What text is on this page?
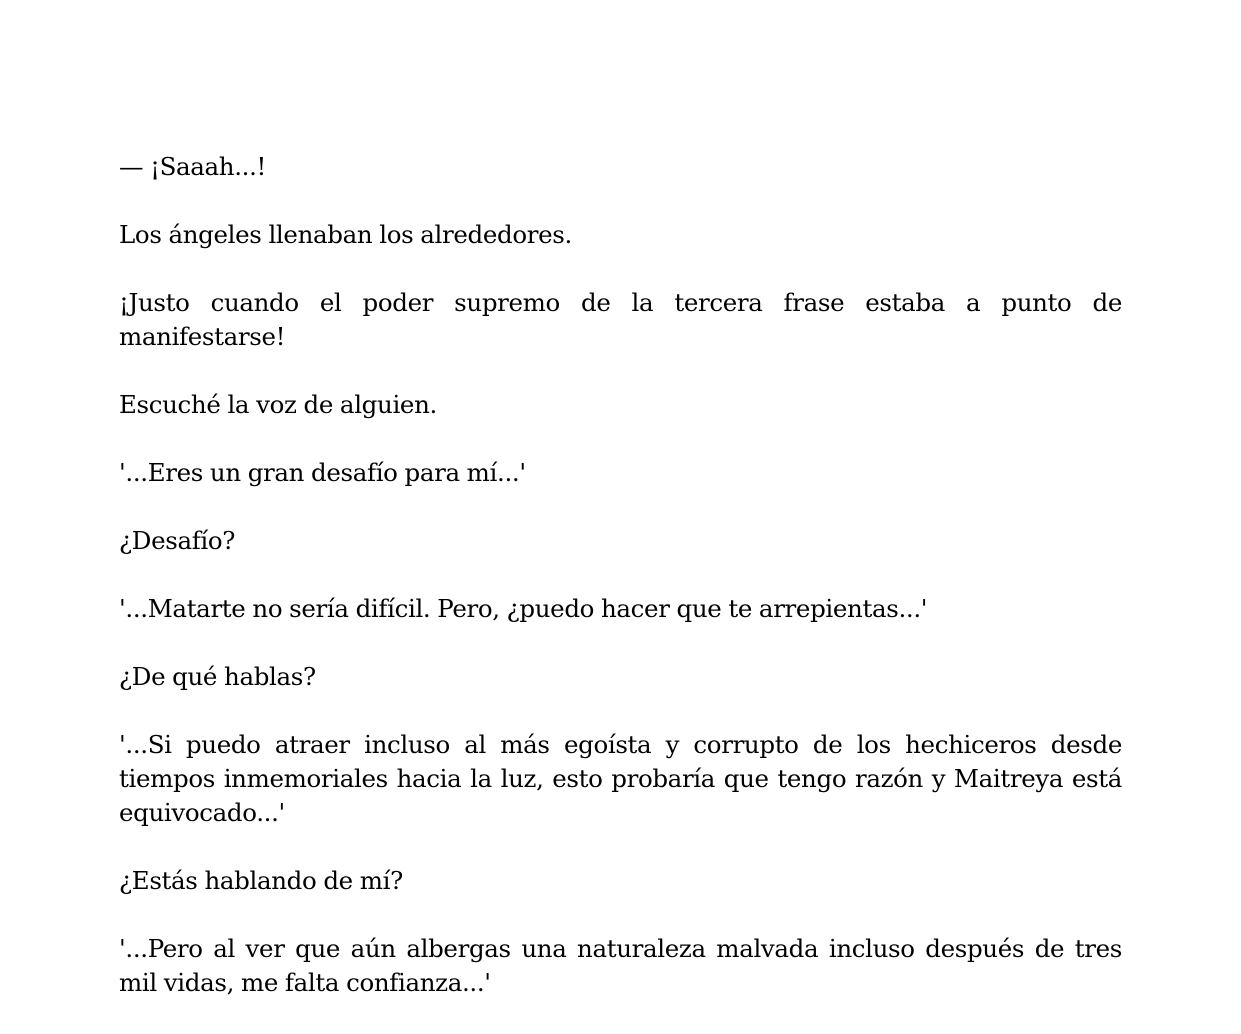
— ¡Saaah...!

Los ángeles llenaban los alrededores.

¡Justo cuando el poder supremo de la tercera frase estaba a punto de manifestarse!

Escuché la voz de alguien.

'...Eres un gran desafío para mí...'

¿Desafío?

'...Matarte no sería difícil. Pero, ¿puedo hacer que te arrepientas...'

¿De qué hablas?

'...Si puedo atraer incluso al más egoísta y corrupto de los hechiceros desde tiempos inmemoriales hacia la luz, esto probaría que tengo razón y Maitreya está equivocado...'

¿Estás hablando de mí?

'...Pero al ver que aún albergas una naturaleza malvada incluso después de tres mil vidas, me falta confianza...'
